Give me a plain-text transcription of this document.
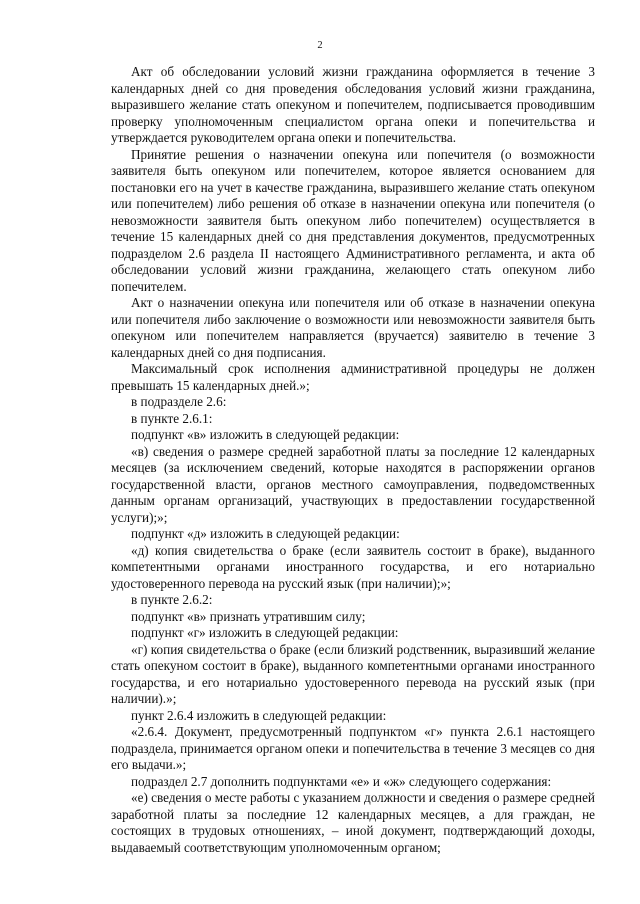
2

Акт об обследовании условий жизни гражданина оформляется в течение 3 календарных дней со дня проведения обследования условий жизни гражданина, выразившего желание стать опекуном и попечителем, подписывается проводившим проверку уполномоченным специалистом органа опеки и попечительства и утверждается руководителем органа опеки и попечительства.

Принятие решения о назначении опекуна или попечителя (о возможности заявителя быть опекуном или попечителем, которое является основанием для постановки его на учет в качестве гражданина, выразившего желание стать опекуном или попечителем) либо решения об отказе в назначении опекуна или попечителя (о невозможности заявителя быть опекуном либо попечителем) осуществляется в течение 15 календарных дней со дня представления документов, предусмотренных подразделом 2.6 раздела II настоящего Административного регламента, и акта об обследовании условий жизни гражданина, желающего стать опекуном либо попечителем.

Акт о назначении опекуна или попечителя или об отказе в назначении опекуна или попечителя либо заключение о возможности или невозможности заявителя быть опекуном или попечителем направляется (вручается) заявителю в течение 3 календарных дней со дня подписания.

Максимальный срок исполнения административной процедуры не должен превышать 15 календарных дней.»;

в подразделе 2.6:

в пункте 2.6.1:

подпункт «в» изложить в следующей редакции:

«в) сведения о размере средней заработной платы за последние 12 календарных месяцев (за исключением сведений, которые находятся в распоряжении органов государственной власти, органов местного самоуправления, подведомственных данным органам организаций, участвующих в предоставлении государственной услуги);»;

подпункт «д» изложить в следующей редакции:

«д) копия свидетельства о браке (если заявитель состоит в браке), выданного компетентными органами иностранного государства, и его нотариально удостоверенного перевода на русский язык (при наличии);»;

в пункте 2.6.2:

подпункт «в» признать утратившим силу;

подпункт «г» изложить в следующей редакции:

«г) копия свидетельства о браке (если близкий родственник, выразивший желание стать опекуном состоит в браке), выданного компетентными органами иностранного государства, и его нотариально удостоверенного перевода на русский язык (при наличии).»;

пункт 2.6.4 изложить в следующей редакции:

«2.6.4. Документ, предусмотренный подпунктом «г» пункта 2.6.1 настоящего подраздела, принимается органом опеки и попечительства в течение 3 месяцев со дня его выдачи.»;

подраздел 2.7 дополнить подпунктами «е» и «ж» следующего содержания:

«е) сведения о месте работы с указанием должности и сведения о размере средней заработной платы за последние 12 календарных месяцев, а для граждан, не состоящих в трудовых отношениях, – иной документ, подтверждающий доходы, выдаваемый соответствующим уполномоченным органом;
